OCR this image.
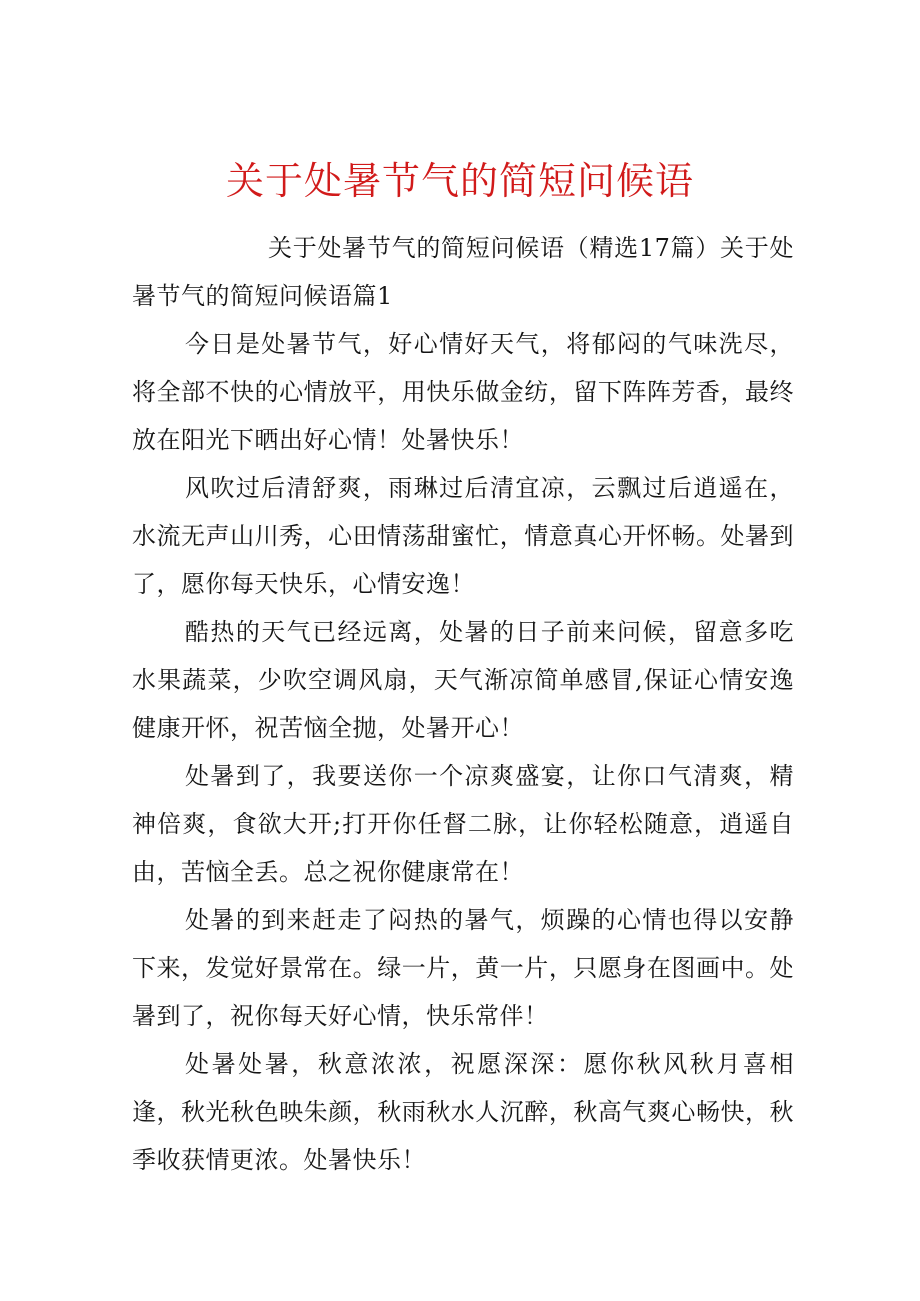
关于处暑节气的简短问候语

关于处暑节气的简短问候语（精选17篇）关于处暑节气的简短问候语篇1

今日是处暑节气，好心情好天气，将郁闷的气味洗尽，将全部不快的心情放平，用快乐做金纺，留下阵阵芳香，最终放在阳光下晒出好心情！处暑快乐！

风吹过后清舒爽，雨琳过后清宜凉，云飘过后逍遥在，水流无声山川秀，心田情荡甜蜜忙，情意真心开怀畅。处暑到了，愿你每天快乐，心情安逸！

酷热的天气已经远离，处暑的日子前来问候，留意多吃水果蔬菜，少吹空调风扇，天气渐凉简单感冒,保证心情安逸健康开怀，祝苦恼全抛，处暑开心！

处暑到了，我要送你一个凉爽盛宴，让你口气清爽，精神倍爽，食欲大开;打开你任督二脉，让你轻松随意，逍遥自由，苦恼全丢。总之祝你健康常在！

处暑的到来赶走了闷热的暑气，烦躁的心情也得以安静下来，发觉好景常在。绿一片，黄一片，只愿身在图画中。处暑到了，祝你每天好心情，快乐常伴！

处暑处暑，秋意浓浓，祝愿深深：愿你秋风秋月喜相逢，秋光秋色映朱颜，秋雨秋水人沉醉，秋高气爽心畅快，秋季收获情更浓。处暑快乐！
